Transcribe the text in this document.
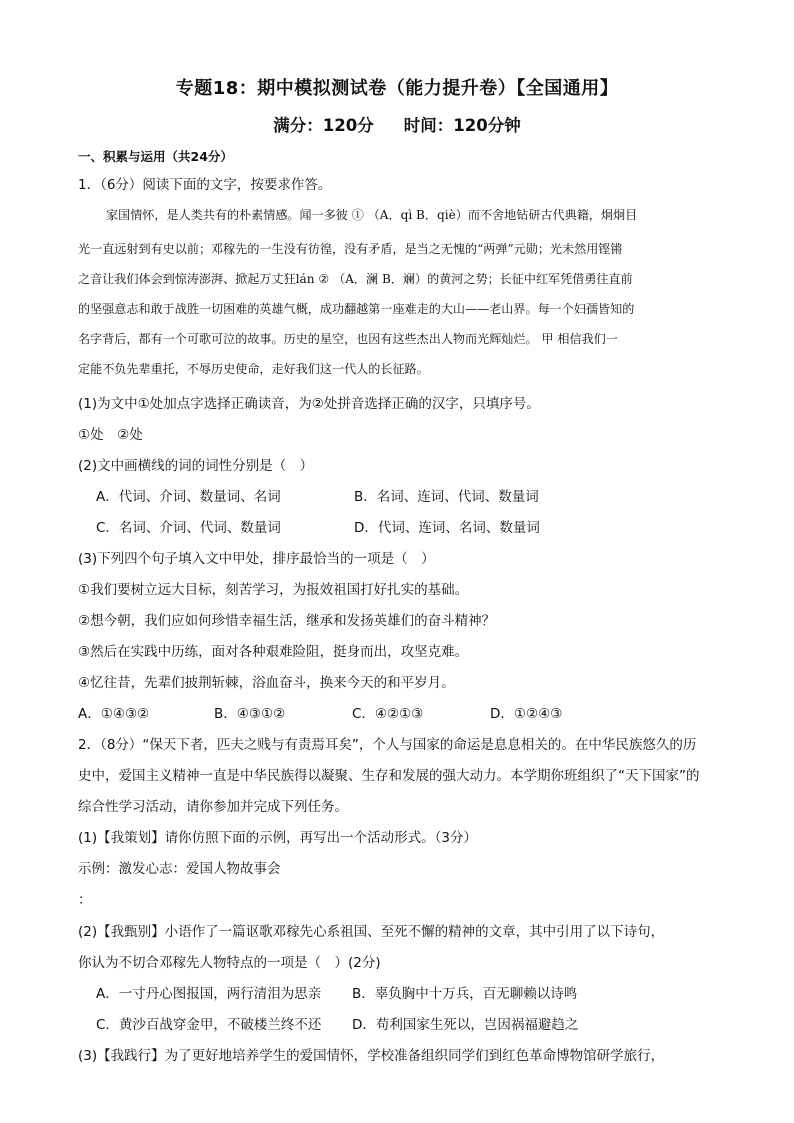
专题18：期中模拟测试卷（能力提升卷）【全国通用】
满分：120分 时间：120分钟
一、积累与运用（共24分）
1．（6分）阅读下面的文字，按要求作答。
家国情怀，是人类共有的朴素情感。闻一多彼 ① （A．qì B．qiè）而不舍地钻研古代典籍，炯炯目
光一直远射到有史以前；邓稼先的一生没有彷徨，没有矛盾，是当之无愧的“两弹”元勋；光未然用铿锵
之音让我们体会到惊涛澎湃、掀起万丈狂lán ② （A．澜 B．斓）的黄河之势；长征中红军凭借勇往直前
的坚强意志和敢于战胜一切困难的英雄气概，成功翻越第一座难走的大山——老山界。每一个妇孺皆知的
名字背后，都有一个可歌可泣的故事。历史的星空，也因有这些杰出人物而光辉灿烂。 甲 相信我们一
定能不负先辈重托，不辱历史使命，走好我们这一代人的长征路。
(1)为文中①处加点字选择正确读音，为②处拼音选择正确的汉字，只填序号。
①处　②处
(2)文中画横线的词的词性分别是（　）
A．代词、介词、数量词、名词	B．名词、连词、代词、数量词
C．名词、介词、代词、数量词	D．代词、连词、名词、数量词
(3)下列四个句子填入文中甲处，排序最恰当的一项是（　）
①我们要树立远大目标，刻苦学习，为报效祖国打好扎实的基础。
②想今朝，我们应如何珍惜幸福生活，继承和发扬英雄们的奋斗精神？
③然后在实践中历练，面对各种艰难险阻，挺身而出，攻坚克难。
④忆往昔，先辈们披荆斩棘，浴血奋斗，换来今天的和平岁月。
A．①④③②	B．④③①②	C．④②①③	D．①②④③
2．（8分）“保天下者，匹夫之贱与有责焉耳矣”，个人与国家的命运是息息相关的。在中华民族悠久的历
史中，爱国主义精神一直是中华民族得以凝聚、生存和发展的强大动力。本学期你班组织了“天下国家”的
综合性学习活动，请你参加并完成下列任务。
(1)【我策划】请你仿照下面的示例，再写出一个活动形式。（3分）
示例：激发心志：爱国人物故事会
：
(2)【我甄别】小语作了一篇讴歌邓稼先心系祖国、至死不懈的精神的文章，其中引用了以下诗句，
你认为不切合邓稼先人物特点的一项是（　）(2分)
A．一寸丹心图报国，两行清泪为思亲 B．辜负胸中十万兵，百无聊赖以诗鸣
C．黄沙百战穿金甲，不破楼兰终不还 D．苟利国家生死以，岂因祸福避趋之
(3)【我践行】为了更好地培养学生的爱国情怀，学校准备组织同学们到红色革命博物馆研学旅行，
